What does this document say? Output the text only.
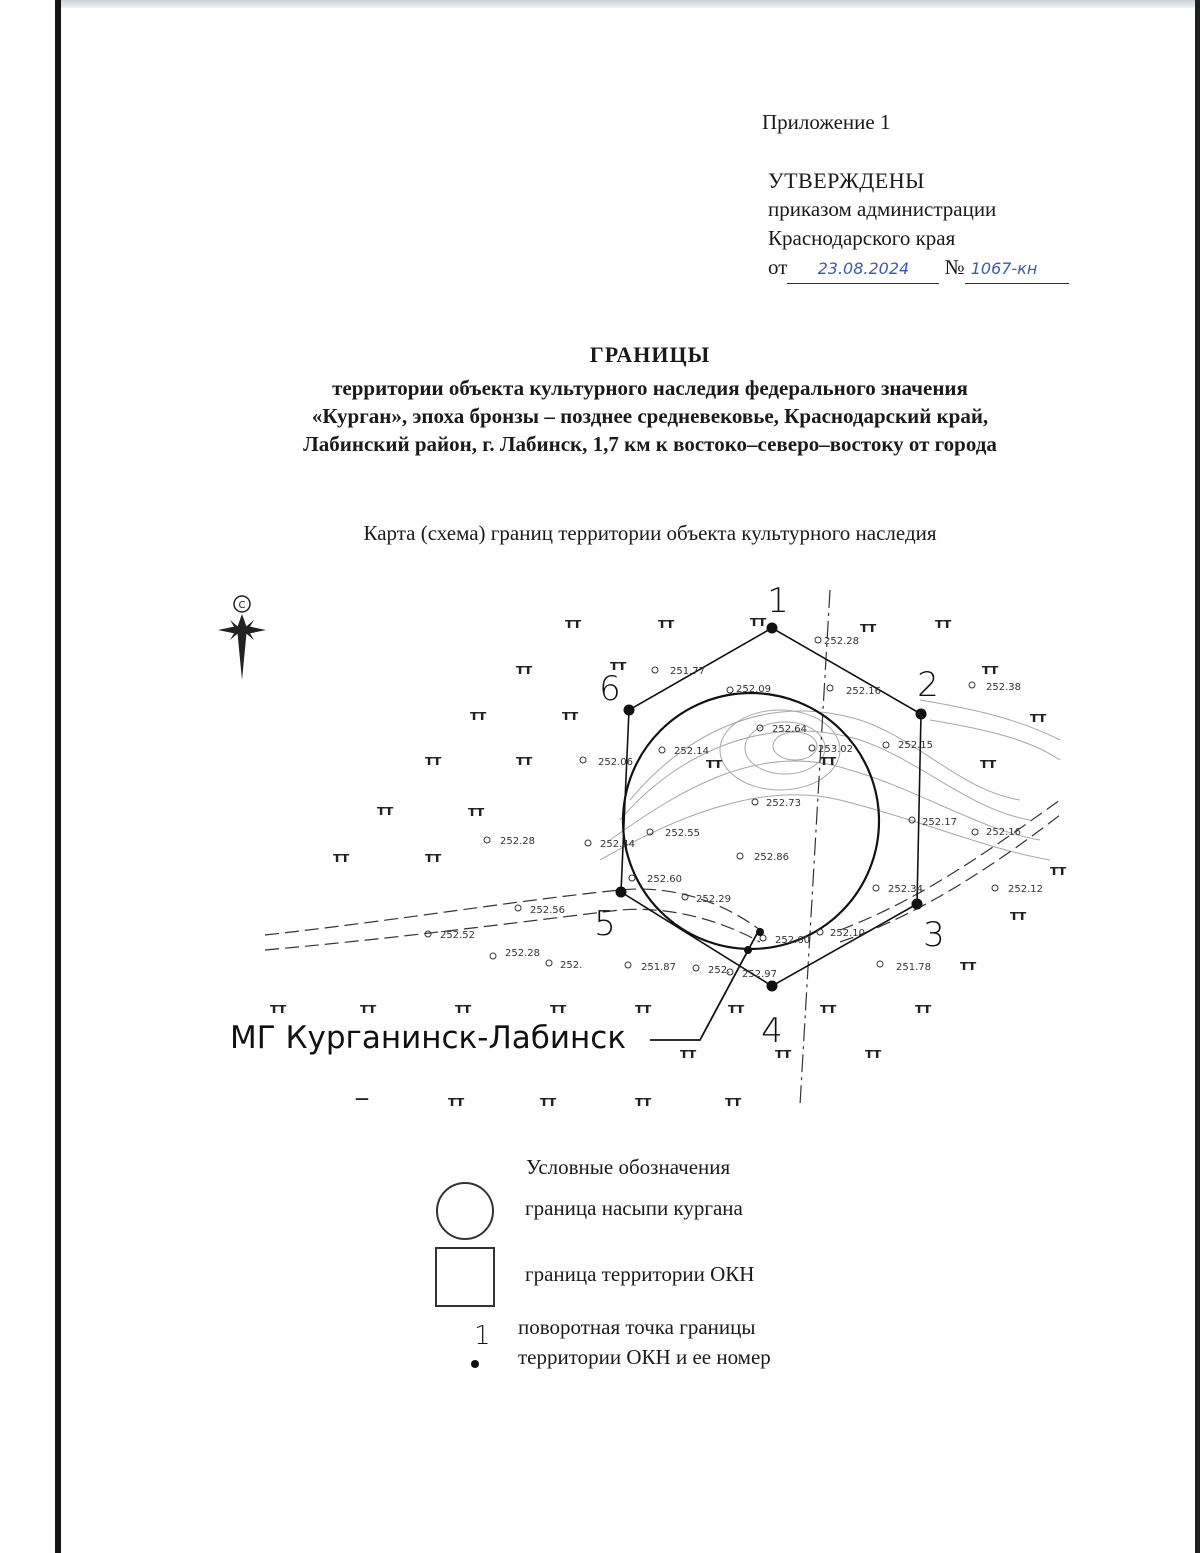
Приложение 1
УТВЕРЖДЕНЫ
приказом администрации
Краснодарского края
от 23.08.2024 № 1067-кн
ГРАНИЦЫ
территории объекта культурного наследия федерального значения
«Курган», эпоха бронзы – позднее средневековье, Краснодарский край,
Лабинский район, г. Лабинск, 1,7 км к востоко–северо–востоку от города
Карта (схема) границ территории объекта культурного наследия
С
ᴛᴛ	ᴛᴛ	ᴛᴛ	ᴛᴛ	ᴛᴛ
ᴛᴛ	ᴛᴛ	ᴛᴛ
ᴛᴛ	ᴛᴛ	ᴛᴛ
ᴛᴛ	ᴛᴛ	ᴛᴛ	ᴛᴛ	ᴛᴛ
ᴛᴛ	ᴛᴛ
ᴛᴛ	ᴛᴛ
ᴛᴛ
ᴛᴛ
ᴛᴛ
ᴛᴛ	ᴛᴛ	ᴛᴛ	ᴛᴛ	ᴛᴛ	ᴛᴛ	ᴛᴛ	ᴛᴛ
ᴛᴛ	ᴛᴛ	ᴛᴛ
ᴛᴛ	ᴛᴛ	ᴛᴛ	ᴛᴛ
—
252.28
251.77
252.09	252.16	252.38
252.64
253.02
252.14
252.15
252.06
252.73
252.17
252.16
252.28
252.55
252.44
252.86
252.60
252.34	252.12
252.56
252.29
252.10
252.52	252.60
252.28
252.	251.87	252. 252.97
251.78
1
2
3
4
5
6
МГ Курганинск-Лабинск
Условные обозначения
граница насыпи кургана
граница территории ОКН
1 поворотная точка границы
территории ОКН и ее номер
